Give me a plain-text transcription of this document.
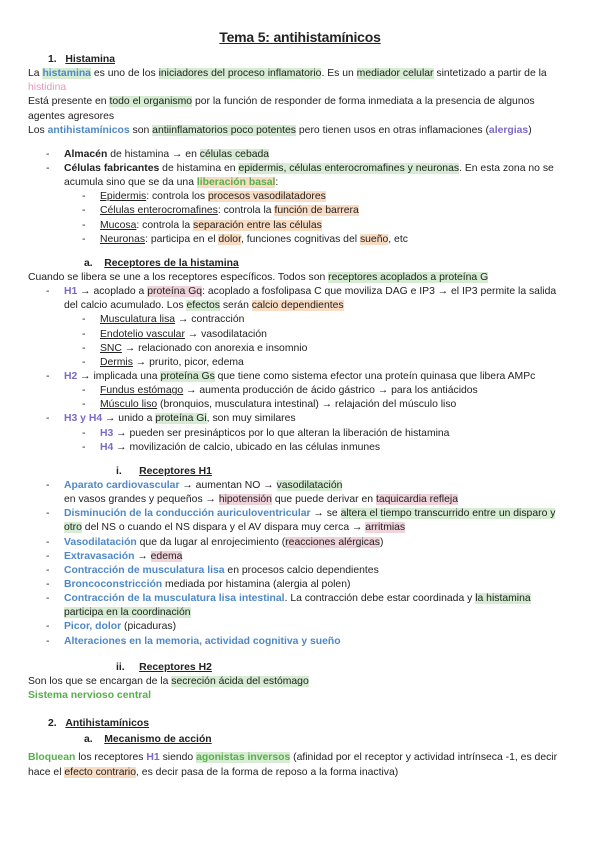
Tema 5: antihistamínicos
1. Histamina

La histamina es uno de los iniciadores del proceso inflamatorio. Es un mediador celular sintetizado a partir de la histidina

Está presente en todo el organismo por la función de responder de forma inmediata a la presencia de algunos agentes agresores

Los antihistamínicos son antiinflamatorios poco potentes pero tienen usos en otras inflamaciones (alergias)

- Almacén de histamina → en células cebada
- Células fabricantes de histamina en epidermis, células enterocromafines y neuronas. En esta zona no se acumula sino que se da una liberación basal:
- Epidermis: controla los procesos vasodilatadores
- Células enterocromafines: controla la función de barrera
- Mucosa: controla la separación entre las células
- Neuronas: participa en el dolor, funciones cognitivas del sueño, etc
a. Receptores de la histamina

Cuando se libera se une a los receptores específicos. Todos son receptores acoplados a proteína G

- H1 → acoplado a proteína Gq: acoplado a fosfolipasa C que moviliza DAG e IP3 → el IP3 permite la salida del calcio acumulado. Los efectos serán calcio dependientes
- Musculatura lisa → contracción
- Endotelio vascular → vasodilatación
- SNC → relacionado con anorexia e insomnio
- Dermis → prurito, picor, edema
- H2 → implicada una proteína Gs que tiene como sistema efector una proteín quinasa que libera AMPc
- Fundus estómago → aumenta producción de ácido gástrico → para los antiácidos
- Músculo liso (bronquios, musculatura intestinal) → relajación del músculo liso
- H3 y H4 → unido a proteína Gi, son muy similares
- H3 → pueden ser presinápticos por lo que alteran la liberación de histamina
- H4 → movilización de calcio, ubicado en las células inmunes
i. Receptores H1
- Aparato cardiovascular → aumentan NO → vasodilatación
en vasos grandes y pequeños → hipotensión que puede derivar en taquicardia refleja
- Disminución de la conducción auriculoventricular → se altera el tiempo transcurrido entre un disparo y otro del NS o cuando el NS dispara y el AV dispara muy cerca → arritmias
- Vasodilatación que da lugar al enrojecimiento (reacciones alérgicas)
- Extravasación → edema
- Contracción de musculatura lisa en procesos calcio dependientes
- Broncoconstricción mediada por histamina (alergia al polen)
- Contracción de la musculatura lisa intestinal. La contracción debe estar coordinada y la histamina participa en la coordinación
- Picor, dolor (picaduras)
- Alteraciones en la memoria, actividad cognitiva y sueño
ii. Receptores H2

Son los que se encargan de la secreción ácida del estómago

Sistema nervioso central

2. Antihistamínicos
a. Mecanismo de acción

Bloquean los receptores H1 siendo agonistas inversos (afinidad por el receptor y actividad intrínseca -1, es decir hace el efecto contrario, es decir pasa de la forma de reposo a la forma inactiva)
